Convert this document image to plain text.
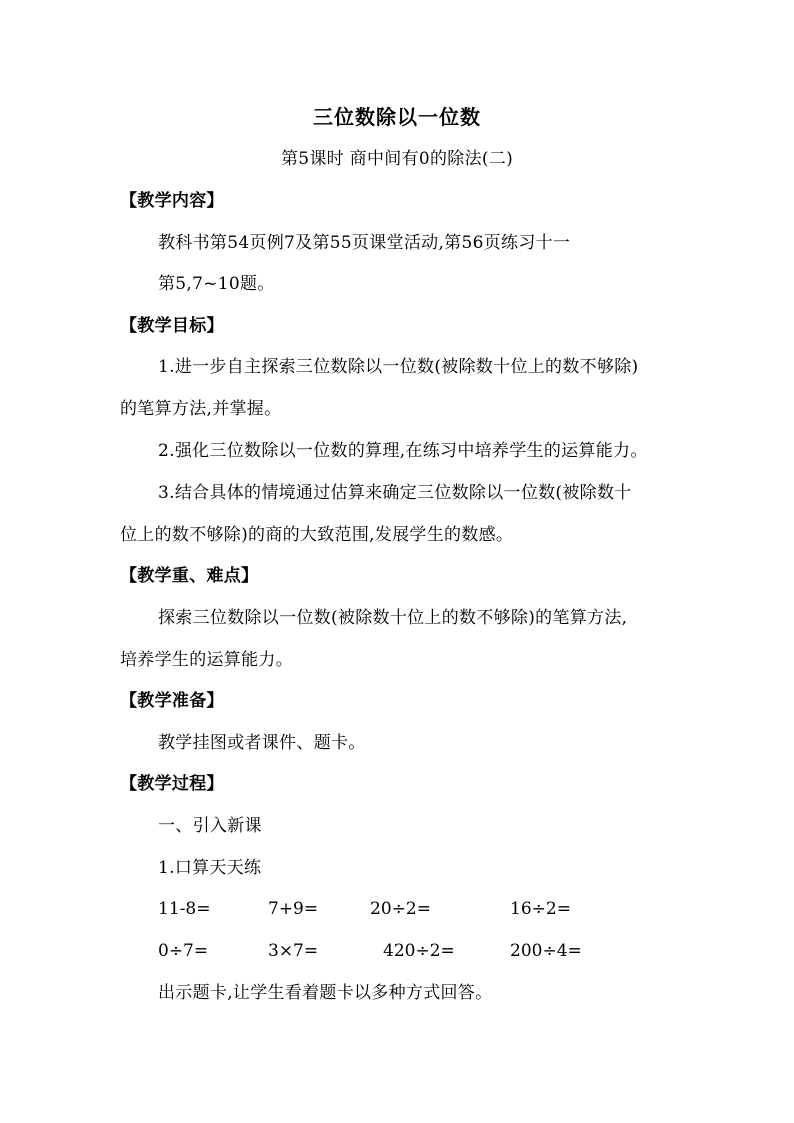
三位数除以一位数
第5课时 商中间有0的除法(二)
【教学内容】
教科书第54页例7及第55页课堂活动,第56页练习十一
第5,7~10题。
【教学目标】
1.进一步自主探索三位数除以一位数(被除数十位上的数不够除)
的笔算方法,并掌握。
2.强化三位数除以一位数的算理,在练习中培养学生的运算能力。
3.结合具体的情境通过估算来确定三位数除以一位数(被除数十
位上的数不够除)的商的大致范围,发展学生的数感。
【教学重、难点】
探索三位数除以一位数(被除数十位上的数不够除)的笔算方法,
培养学生的运算能力。
【教学准备】
教学挂图或者课件、题卡。
【教学过程】
一、引入新课
1.口算天天练
11-8=	7+9=	20÷2=	16÷2=
0÷7=	3×7=	420÷2=	200÷4=
出示题卡,让学生看着题卡以多种方式回答。
